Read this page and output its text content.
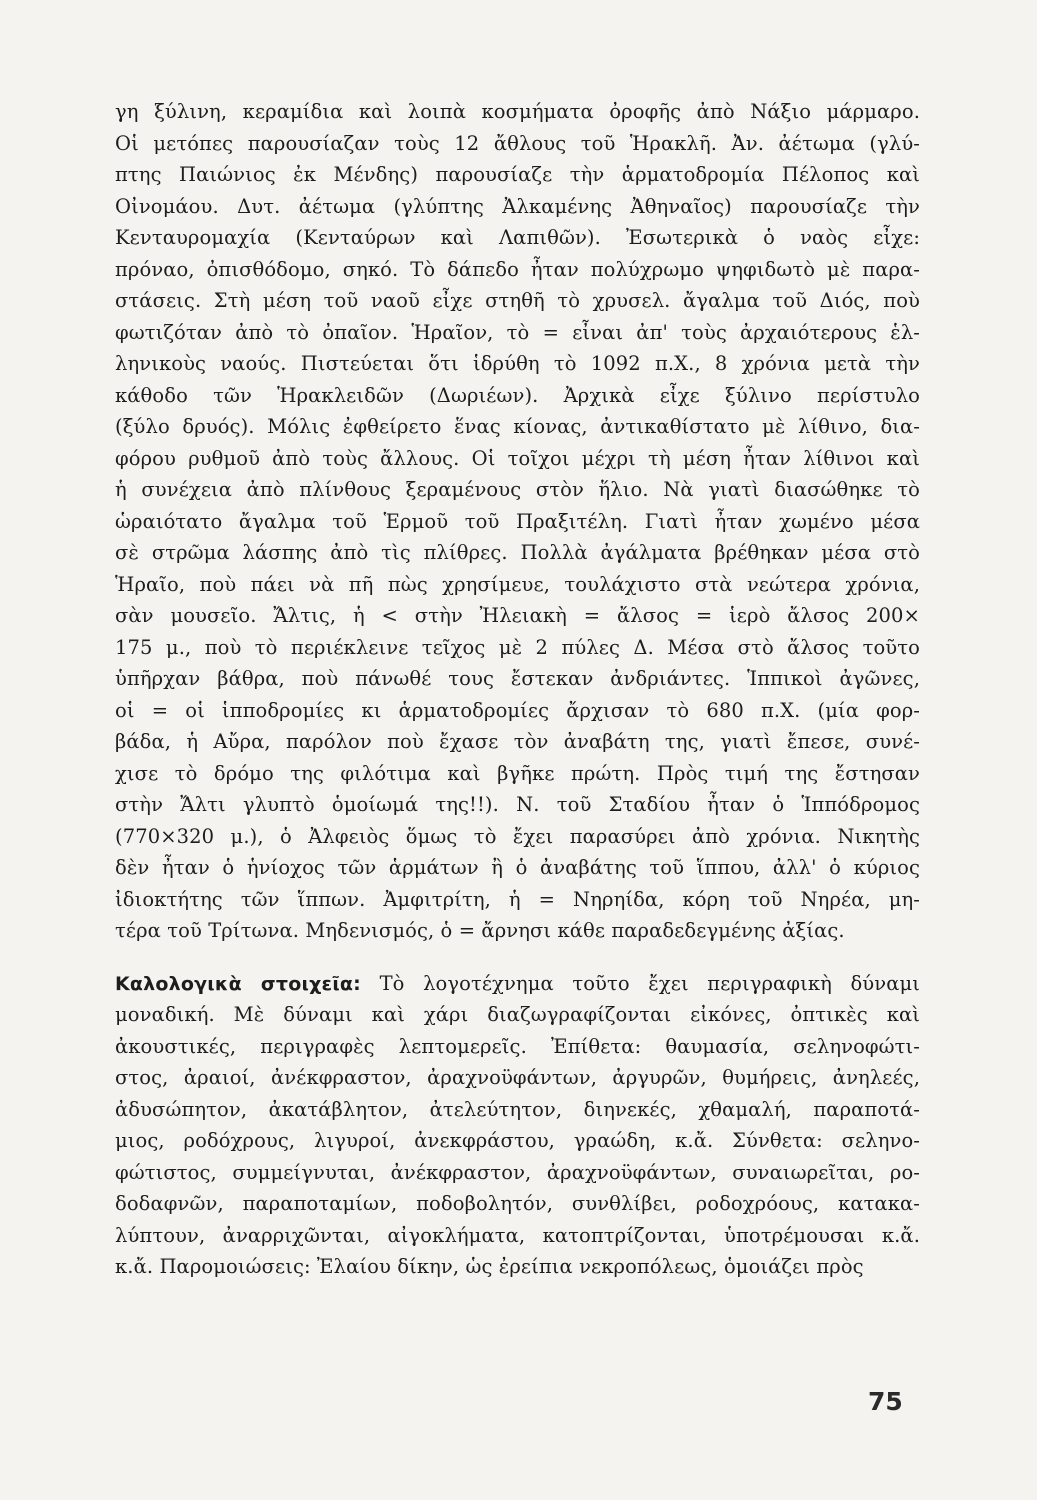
γη ξύλινη, κεραμίδια καὶ λοιπὰ κοσμήματα ὀροφῆς ἀπὸ Νάξιο μάρμαρο.
Οἱ μετόπες παρουσίαζαν τοὺς 12 ἄθλους τοῦ Ἡρακλῆ. Ἀν. ἀέτωμα (γλύ-
πτης Παιώνιος ἐκ Μένδης) παρουσίαζε τὴν ἁρματοδρομία Πέλοπος καὶ
Οἰνομάου. Δυτ. ἀέτωμα (γλύπτης Ἀλκαμένης Ἀθηναῖος) παρουσίαζε τὴν
Κενταυρομαχία (Κενταύρων καὶ Λαπιθῶν). Ἐσωτερικὰ ὁ ναὸς εἶχε:
πρόναο, ὀπισθόδομο, σηκό. Τὸ δάπεδο ἦταν πολύχρωμο ψηφιδωτὸ μὲ παρα-
στάσεις. Στὴ μέση τοῦ ναοῦ εἶχε στηθῆ τὸ χρυσελ. ἄγαλμα τοῦ Διός, ποὺ
φωτιζόταν ἀπὸ τὸ ὀπαῖον. Ἡραῖον, τὸ = εἶναι ἀπ' τοὺς ἀρχαιότερους ἑλ-
ληνικοὺς ναούς. Πιστεύεται ὅτι ἱδρύθη τὸ 1092 π.Χ., 8 χρόνια μετὰ τὴν
κάθοδο τῶν Ἡρακλειδῶν (Δωριέων). Ἀρχικὰ εἶχε ξύλινο περίστυλο
(ξύλο δρυός). Μόλις ἐφθείρετο ἕνας κίονας, ἀντικαθίστατο μὲ λίθινο, δια-
φόρου ρυθμοῦ ἀπὸ τοὺς ἄλλους. Οἱ τοῖχοι μέχρι τὴ μέση ἦταν λίθινοι καὶ
ἡ συνέχεια ἀπὸ πλίνθους ξεραμένους στὸν ἥλιο. Νὰ γιατὶ διασώθηκε τὸ
ὡραιότατο ἄγαλμα τοῦ Ἑρμοῦ τοῦ Πραξιτέλη. Γιατὶ ἦταν χωμένο μέσα
σὲ στρῶμα λάσπης ἀπὸ τὶς πλίθρες. Πολλὰ ἀγάλματα βρέθηκαν μέσα στὸ
Ἡραῖο, ποὺ πάει νὰ πῆ πὼς χρησίμευε, τουλάχιστο στὰ νεώτερα χρόνια,
σὰν μουσεῖο. Ἄλτις, ἡ < στὴν Ἠλειακὴ = ἄλσος = ἱερὸ ἄλσος 200×
175 μ., ποὺ τὸ περιέκλεινε τεῖχος μὲ 2 πύλες Δ. Μέσα στὸ ἄλσος τοῦτο
ὑπῆρχαν βάθρα, ποὺ πάνωθέ τους ἔστεκαν ἀνδριάντες. Ἱππικοὶ ἀγῶνες,
οἱ = οἱ ἱπποδρομίες κι ἁρματοδρομίες ἄρχισαν τὸ 680 π.Χ. (μία φορ-
βάδα, ἡ Αὔρα, παρόλον ποὺ ἔχασε τὸν ἀναβάτη της, γιατὶ ἔπεσε, συνέ-
χισε τὸ δρόμο της φιλότιμα καὶ βγῆκε πρώτη. Πρὸς τιμή της ἔστησαν
στὴν Ἄλτι γλυπτὸ ὁμοίωμά της!!). Ν. τοῦ Σταδίου ἦταν ὁ Ἱππόδρομος
(770×320 μ.), ὁ Ἀλφειὸς ὅμως τὸ ἔχει παρασύρει ἀπὸ χρόνια. Νικητὴς
δὲν ἦταν ὁ ἡνίοχος τῶν ἁρμάτων ἢ ὁ ἀναβάτης τοῦ ἵππου, ἀλλ' ὁ κύριος
ἰδιοκτήτης τῶν ἵππων. Ἀμφιτρίτη, ἡ = Νηρηίδα, κόρη τοῦ Νηρέα, μη-
τέρα τοῦ Τρίτωνα. Μηδενισμός, ὁ = ἄρνησι κάθε παραδεδεγμένης ἀξίας.
Καλολογικὰ στοιχεῖα: Τὸ λογοτέχνημα τοῦτο ἔχει περιγραφικὴ δύναμι
μοναδική. Μὲ δύναμι καὶ χάρι διαζωγραφίζονται εἰκόνες, ὀπτικὲς καὶ
ἀκουστικές, περιγραφὲς λεπτομερεῖς. Ἐπίθετα: θαυμασία, σεληνοφώτι-
στος, ἀραιοί, ἀνέκφραστον, ἀραχνοϋφάντων, ἀργυρῶν, θυμήρεις, ἀνηλεές,
ἀδυσώπητον, ἀκατάβλητον, ἀτελεύτητον, διηνεκές, χθαμαλή, παραποτά-
μιος, ροδόχρους, λιγυροί, ἀνεκφράστου, γραώδη, κ.ἄ. Σύνθετα: σεληνο-
φώτιστος, συμμείγνυται, ἀνέκφραστον, ἀραχνοϋφάντων, συναιωρεῖται, ρο-
δοδαφνῶν, παραποταμίων, ποδοβολητόν, συνθλίβει, ροδοχρόους, κατακα-
λύπτουν, ἀναρριχῶνται, αἰγοκλήματα, κατοπτρίζονται, ὑποτρέμουσαι κ.ἄ.
κ.ἄ. Παρομοιώσεις: Ἐλαίου δίκην, ὡς ἐρείπια νεκροπόλεως, ὁμοιάζει πρὸς
75
